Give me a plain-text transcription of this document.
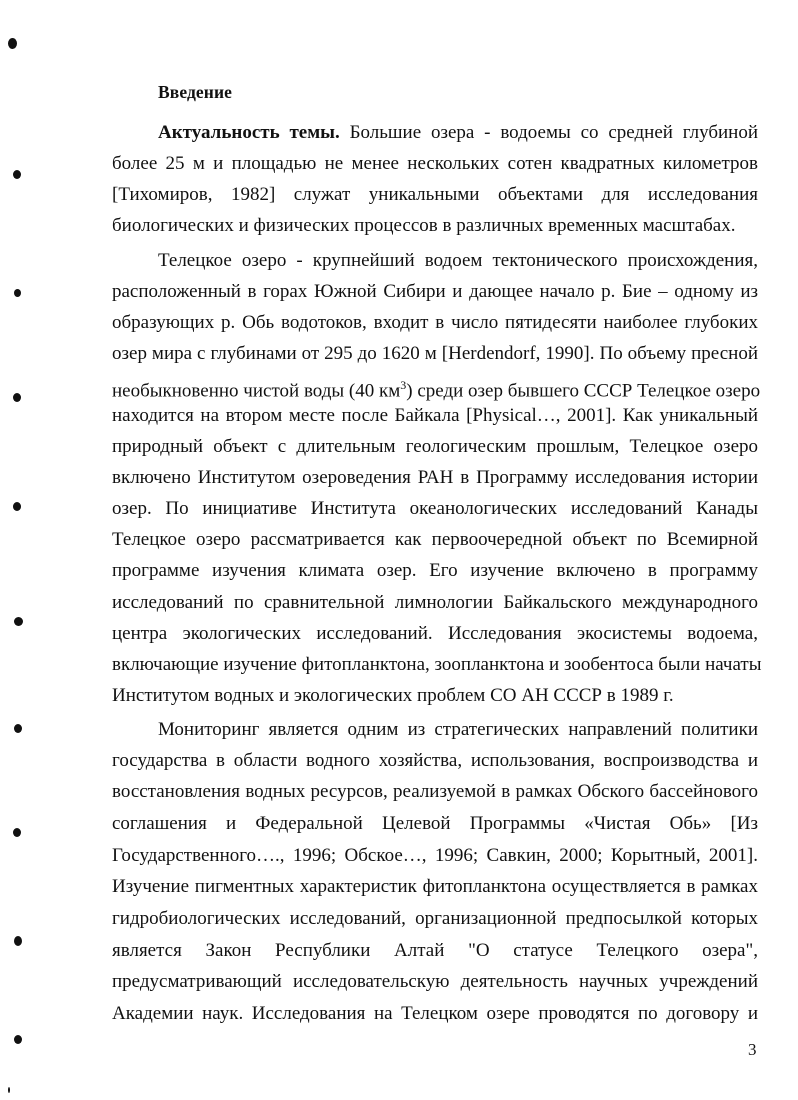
Введение
Актуальность темы. Большие озера - водоемы со средней глубиной
более 25 м и площадью не менее нескольких сотен квадратных километров
[Тихомиров, 1982] служат уникальными объектами для исследования
биологических и физических процессов в различных временных масштабах.
Телецкое озеро - крупнейший водоем тектонического происхождения,
расположенный в горах Южной Сибири и дающее начало р. Бие – одному из
образующих р. Обь водотоков, входит в число пятидесяти наиболее глубоких
озер мира с глубинами от 295 до 1620 м [Herdendorf, 1990]. По объему пресной
необыкновенно чистой воды (40 $км^3$) среди озер бывшего СССР Телецкое озеро
находится на втором месте после Байкала [Physical…, 2001]. Как уникальный
природный объект с длительным геологическим прошлым, Телецкое озеро
включено Институтом озероведения РАН в Программу исследования истории
озер. По инициативе Института океанологических исследований Канады
Телецкое озеро рассматривается как первоочередной объект по Всемирной
программе изучения климата озер. Его изучение включено в программу
исследований по сравнительной лимнологии Байкальского международного
центра экологических исследований. Исследования экосистемы водоема,
включающие изучение фитопланктона, зоопланктона и зообентоса были начаты
Институтом водных и экологических проблем СО АН СССР в 1989 г.
Мониторинг является одним из стратегических направлений политики
государства в области водного хозяйства, использования, воспроизводства и
восстановления водных ресурсов, реализуемой в рамках Обского бассейнового
соглашения и Федеральной Целевой Программы «Чистая Обь» [Из
Государственного…., 1996; Обское…, 1996; Савкин, 2000; Корытный, 2001].
Изучение пигментных характеристик фитопланктона осуществляется в рамках
гидробиологических исследований, организационной предпосылкой которых
является Закон Республики Алтай "О статусе Телецкого озера",
предусматривающий исследовательскую деятельность научных учреждений
Академии наук. Исследования на Телецком озере проводятся по договору и
3
